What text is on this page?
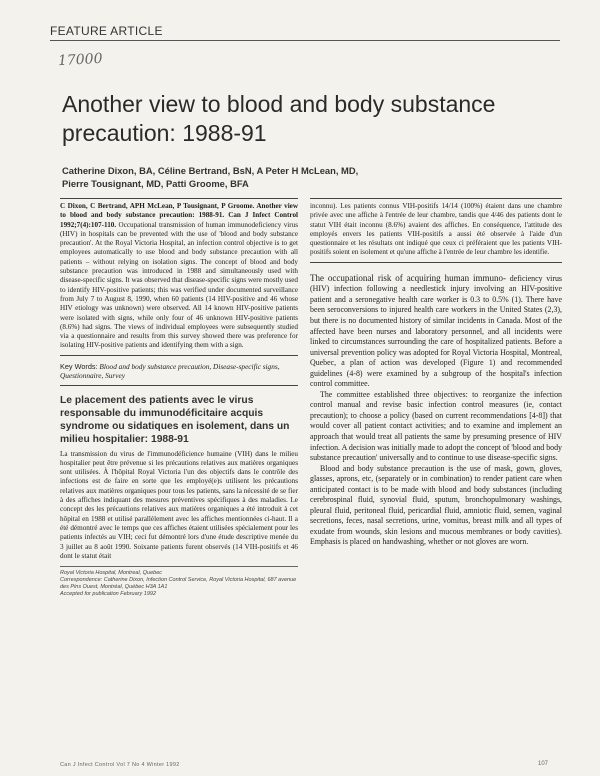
FEATURE ARTICLE
17000
Another view to blood and body substance precaution: 1988-91
Catherine Dixon, BA, Céline Bertrand, BsN, A Peter H McLean, MD,
Pierre Tousignant, MD, Patti Groome, BFA
C Dixon, C Bertrand, APH McLean, P Tousignant, P Groome. Another view to blood and body substance precaution: 1988-91. Can J Infect Control 1992;7(4):107-110. Occupational transmission of human immunodeficiency virus (HIV) in hospitals can be prevented with the use of 'blood and body substance precaution'. At the Royal Victoria Hospital, an infection control objective is to get employees automatically to use blood and body substance precaution with all patients – without relying on isolation signs. The concept of blood and body substance precaution was introduced in 1988 and simultaneously used with disease-specific signs. It was observed that disease-specific signs were mostly used to identify HIV-positive patients; this was verified under documented surveillance from July 7 to August 8, 1990, when 60 patients (14 HIV-positive and 46 whose HIV etiology was unknown) were observed. All 14 known HIV-positive patients were isolated with signs, while only four of 46 unknown HIV-positive patients (8.6%) had signs. The views of individual employees were subsequently studied via a questionnaire and results from this survey showed there was preference for isolating HIV-positive patients and identifying them with a sign.
Key Words: Blood and body substance precaution, Disease-specific signs, Questionnaire, Survey
Le placement des patients avec le virus responsable du immunodéficitaire acquis syndrome ou sidatiques en isolement, dans un milieu hospitalier: 1988-91
La transmission du virus de l'immunodéficience humaine (VIH) dans le milieu hospitalier peut être prévenue si les précautions relatives aux matières organiques sont utilisées. À l'hôpital Royal Victoria l'un des objectifs dans le contrôle des infections est de faire en sorte que les employé(e)s utilisent les précautions relatives aux matières organiques pour tous les patients, sans la nécessité de se fier à des affiches indiquant des mesures préventives spécifiques à des maladies. Le concept des les précautions relatives aux matières organiques a été introduit à cet hôpital en 1988 et utilisé parallèlement avec les affiches mentionnées ci-haut. Il a été démontré avec le temps que ces affiches étaient utilisées spécialement pour les patients infectés au VIH; ceci fut démontré lors d'une étude descriptive menée du 3 juillet au 8 août 1990. Soixante patients furent observés (14 VIH-positifs et 46 dont le statut était
Royal Victoria Hospital, Montreal, Quebec
Correspondence: Catherine Dixon, Infection Control Service, Royal Victoria Hospital, 687 avenue des Pins Ouest, Montréal, Québec H3A 1A1
Accepted for publication February 1992
inconnu). Les patients connus VIH-positifs 14/14 (100%) étaient dans une chambre privée avec une affiche à l'entrée de leur chambre, tandis que 4/46 des patients dont le statut VIH était inconnu (8.6%) avaient des affiches. En conséquence, l'attitude des employés envers les patients VIH-positifs a aussi été observée à l'aide d'un questionnaire et les résultats ont indiqué que ceux ci préféraient que les patients VIH-positifs soient en isolement et qu'une affiche à l'entrée de leur chambre les identifie.

The occupational risk of acquiring human immuno- deficiency virus (HIV) infection following a needlestick injury involving an HIV-positive patient and a seronegative health care worker is 0.3 to 0.5% (1). There have been seroconversions to injured health care workers in the United States (2,3), but there is no documented history of similar incidents in Canada. Most of the affected have been nurses and laboratory personnel, and all incidents were linked to circumstances surrounding the care of hospitalized patients. Before a universal prevention policy was adopted for Royal Victoria Hospital, Montreal, Quebec, a plan of action was developed (Figure 1) and recommended guidelines (4-8) were examined by a subgroup of the hospital's infection control committee.

The committee established three objectives: to reorganize the infection control manual and revise basic infection control measures (ie, contact precaution); to choose a policy (based on current recommendations [4-8]) that would cover all patient contact activities; and to examine and implement an approach that would treat all patients the same by presuming presence of HIV infection. A decision was initially made to adopt the concept of 'blood and body substance precaution' universally and to continue to use disease-specific signs.

Blood and body substance precaution is the use of mask, gown, gloves, glasses, aprons, etc, (separately or in combination) to render patient care when anticipated contact is to be made with blood and body substances (including cerebrospinal fluid, synovial fluid, sputum, bronchopulmonary washings, pleural fluid, peritoneal fluid, pericardial fluid, amniotic fluid, semen, vaginal secretions, feces, nasal secretions, urine, vomitus, breast milk and all types of exudate from wounds, skin lesions and mucous membranes or body cavities). Emphasis is placed on handwashing, whether or not gloves are worn.

Can J Infect Control Vol 7 No 4 Winter 1992	107
